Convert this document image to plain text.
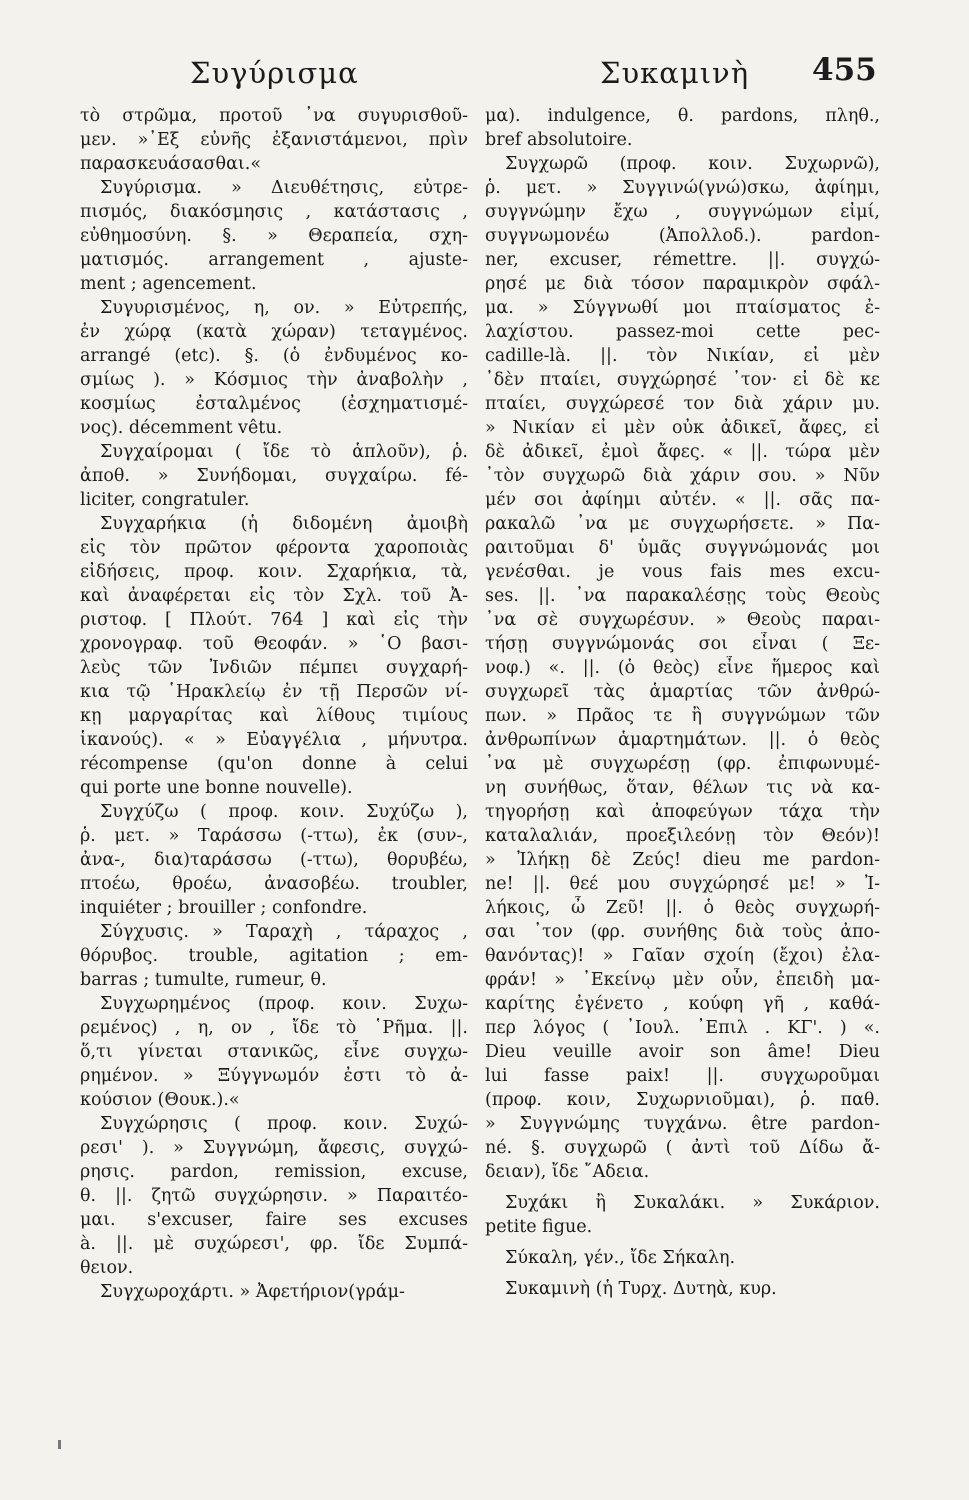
Συγύρισμα	Συκαμινὴ 455
τὸ στρῶμα, προτοῦ ᾽να συγυρισθοῦ-
μεν. »᾽Εξ εὐνῆς ἐξανιστάμενοι, πρὶν
παρασκευάσασθαι.«
Συγύρισμα. » Διευθέτησις, εὐτρε-
πισμός, διακόσμησις , κατάστασις ,
εὐθημοσύνη. §. » Θεραπεία, σχη-
ματισμός. arrangement , ajuste-
ment ; agencement.
Συγυρισμένος, η, ον. » Εὐτρεπής,
ἐν χώρᾳ (κατὰ χώραν) τεταγμένος.
arrangé (etc). §. (ὁ ἐνδυμένος κο-
σμίως ). » Κόσμιος τὴν ἀναβολὴν ,
κοσμίως ἐσταλμένος (ἐσχηματισμέ-
νος). décemment vêtu.
Συγχαίρομαι ( ἴδε τὸ ἁπλοῦν), ῥ.
ἀποθ. » Συνήδομαι, συγχαίρω. fé-
liciter, congratuler.
Συγχαρήκια (ἡ διδομένη ἀμοιβὴ
εἰς τὸν πρῶτον φέροντα χαροποιὰς
εἰδήσεις, προφ. κοιν. Σχαρήκια, τὰ,
καὶ ἀναφέρεται εἰς τὸν Σχλ. τοῦ Ἀ-
ριστοφ. [ Πλούτ. 764 ] καὶ εἰς τὴν
χρονογραφ. τοῦ Θεοφάν. » ῾Ο βασι-
λεὺς τῶν Ἰνδιῶν πέμπει συγχαρή-
κια τῷ ῾Ηρακλείῳ ἐν τῇ Περσῶν νί-
κῃ μαργαρίτας καὶ λίθους τιμίους
ἱκανούς). « » Εὐαγγέλια , μήνυτρα.
récompense (qu'on donne à celui
qui porte une bonne nouvelle).
Συγχύζω ( προφ. κοιν. Συχύζω ),
ῥ. μετ. » Ταράσσω (-ττω), ἐκ (συν-,
ἀνα-, δια)ταράσσω (-ττω), θορυβέω,
πτοέω, θροέω, ἀνασοβέω. troubler,
inquiéter ; brouiller ; confondre.
Σύγχυσις. » Ταραχὴ , τάραχος ,
θόρυβος. trouble, agitation ; em-
barras ; tumulte, rumeur, θ.
Συγχωρημένος (προφ. κοιν. Συχω-
ρεμένος) , η, ον , ἴδε τὸ ῾Ρῆμα. ||.
ὅ,τι γίνεται στανικῶς, εἶνε συγχω-
ρημένον. » Ξύγγνωμόν ἐστι τὸ ἀ-
κούσιον (Θουκ.).«
Συγχώρησις ( προφ. κοιν. Συχώ-
ρεσι' ). » Συγγνώμη, ἄφεσις, συγχώ-
ρησις. pardon, remission, excuse,
θ. ||. ζητῶ συγχώρησιν. » Παραιτέο-
μαι. s'excuser, faire ses excuses
à. ||. μὲ συχώρεσι', φρ. ἴδε Συμπά-
θειον.
Συγχωροχάρτι. » Ἀφετήριον(γράμ-
μα). indulgence, θ. pardons, πληθ.,
bref absolutoire.
Συγχωρῶ (προφ. κοιν. Συχωρνῶ),
ῥ. μετ. » Συγγινώ(γνώ)σκω, ἀφίημι,
συγγνώμην ἔχω , συγγνώμων εἰμί,
συγγνωμονέω (Ἀπολλοδ.). pardon-
ner, excuser, rémettre. ||. συγχώ-
ρησέ με διὰ τόσον παραμικρὸν σφάλ-
μα. » Σύγγνωθί μοι πταίσματος ἐ-
λαχίστου. passez-moi cette pec-
cadille-là. ||. τὸν Νικίαν, εἰ μὲν
᾽δὲν πταίει, συγχώρησέ ᾽τον· εἰ δὲ κε
πταίει, συγχώρεσέ τον διὰ χάριν μυ.
» Νικίαν εἰ μὲν οὐκ ἀδικεῖ, ἄφες, εἰ
δὲ ἀδικεῖ, ἐμοὶ ἄφες. « ||. τώρα μὲν
᾽τὸν συγχωρῶ διὰ χάριν σου. » Νῦν
μέν σοι ἀφίημι αὐτέν. « ||. σᾶς πα-
ρακαλῶ ᾽να με συγχωρήσετε. » Πα-
ραιτοῦμαι δ' ὑμᾶς συγγνώμονάς μοι
γενέσθαι. je vous fais mes excu-
ses. ||. ᾽να παρακαλέσῃς τοὺς Θεοὺς
᾽να σὲ συγχωρέσυν. » Θεοὺς παραι-
τήσῃ συγγνώμονάς σοι εἶναι ( Ξε-
νοφ.) «. ||. (ὁ θεὸς) εἶνε ἥμερος καὶ
συγχωρεῖ τὰς ἁμαρτίας τῶν ἀνθρώ-
πων. » Πρᾶος τε ἢ συγγνώμων τῶν
ἀνθρωπίνων ἁμαρτημάτων. ||. ὁ θεὸς
᾽να μὲ συγχωρέσῃ (φρ. ἐπιφωνυμέ-
νη συνήθως, ὅταν, θέλων τις νὰ κα-
τηγορήσῃ καὶ ἀποφεύγων τάχα τὴν
καταλαλιάν, προεξιλεόνῃ τὸν Θεόν)!
» Ἰλήκῃ δὲ Ζεύς! dieu me pardon-
ne! ||. θεέ μου συγχώρησέ με! » Ἰ-
λήκοις, ὦ Ζεῦ! ||. ὁ θεὸς συγχωρή-
σαι ᾽τον (φρ. συνήθης διὰ τοὺς ἀπο-
θανόντας)! » Γαῖαν σχοίη (ἔχοι) ἐλα-
φράν! » ᾽Εκείνῳ μὲν οὖν, ἐπειδὴ μα-
καρίτης ἐγένετο , κούφη γῆ , καθά-
περ λόγος ( ᾽Ιουλ. ᾽Επιλ . ΚΓ'. ) «.
Dieu veuille avoir son âme! Dieu
lui fasse paix! ||. συγχωροῦμαι
(προφ. κοιν, Συχωρνιοῦμαι), ῥ. παθ.
» Συγγνώμης τυγχάνω. être pardon-
né. §. συγχωρῶ ( ἀντὶ τοῦ Δίδω ἄ-
δειαν), ἴδε ῎Αδεια.
Συχάκι ἢ Συκαλάκι. » Συκάριον.
petite figue.
Σύκαλη, γέν., ἴδε Σήκαλη.
Συκαμινὴ (ἡ Τυρχ. Δυτηὰ, κυρ.
